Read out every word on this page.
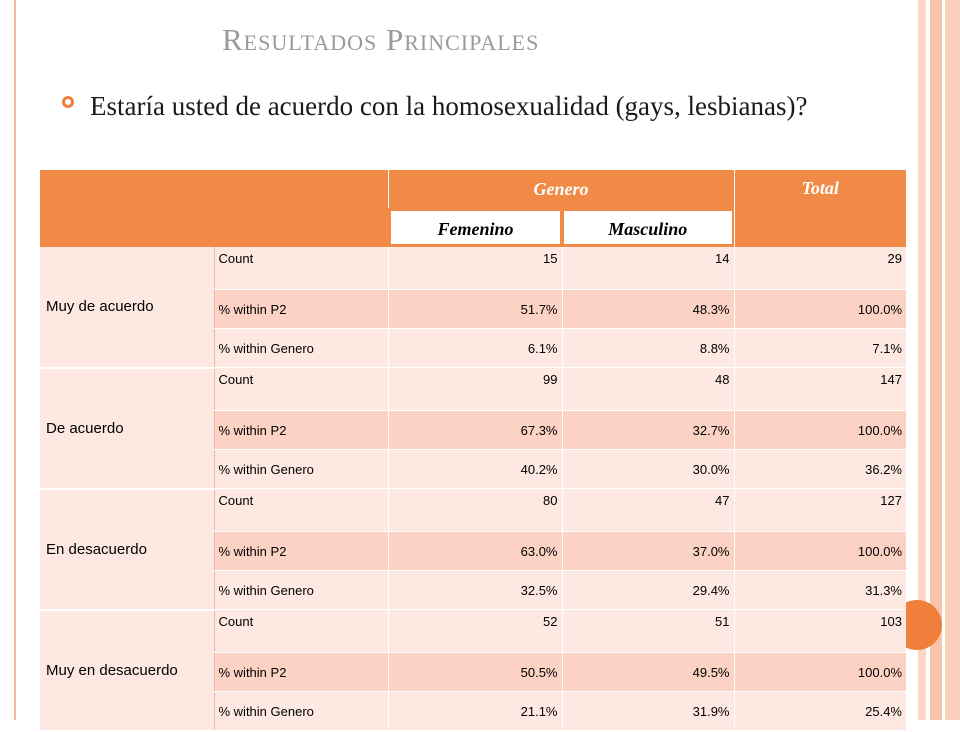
Resultados Principales
Estaría usted de acuerdo con la homosexualidad (gays, lesbianas)?
		Genero		Total

		Femenino	Masculino	

Muy de acuerdo	Count	15	14	29
	% within P2	51.7%	48.3%	100.0%
	% within Genero	6.1%	8.8%	7.1%
De acuerdo	Count	99	48	147
	% within P2	67.3%	32.7%	100.0%
	% within Genero	40.2%	30.0%	36.2%
En desacuerdo	Count	80	47	127
	% within P2	63.0%	37.0%	100.0%
	% within Genero	32.5%	29.4%	31.3%
Muy en desacuerdo	Count	52	51	103
	% within P2	50.5%	49.5%	100.0%
	% within Genero	21.1%	31.9%	25.4%
